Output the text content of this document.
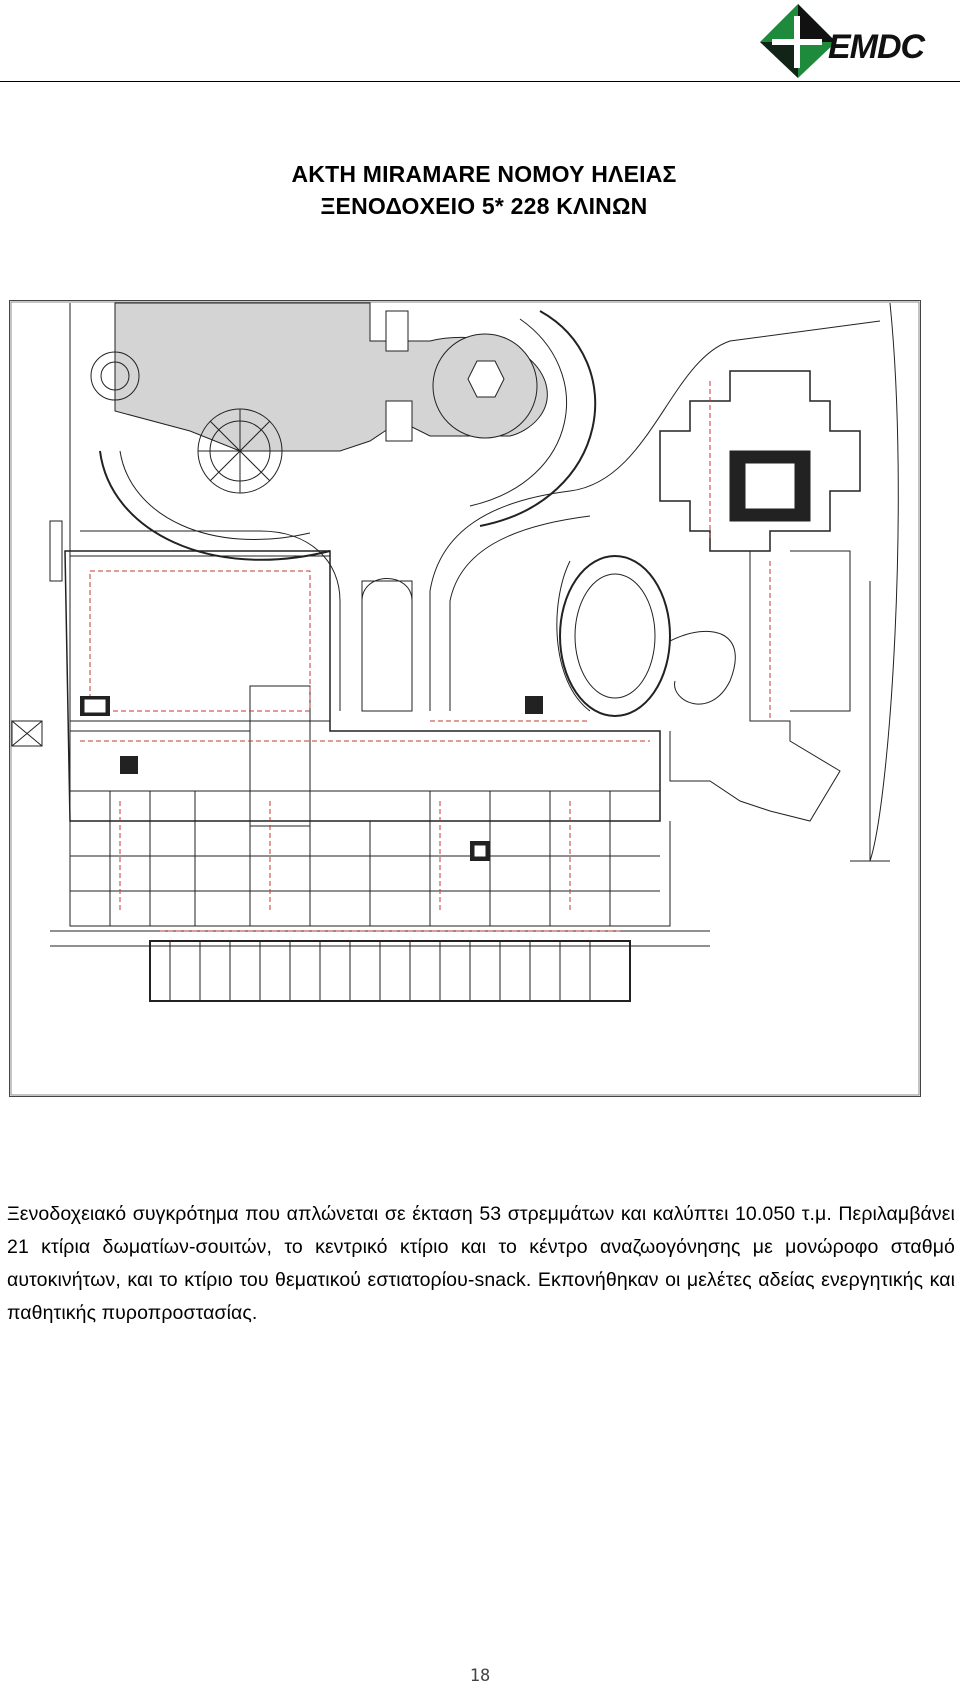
EMDC
ΑΚΤΗ MIRAMARE ΝΟΜΟΥ ΗΛΕΙΑΣ
ΞΕΝΟΔΟΧΕΙΟ 5* 228 ΚΛΙΝΩΝ
Ξενοδοχειακό συγκρότημα που απλώνεται σε έκταση 53 στρεμμάτων και καλύπτει 10.050 τ.μ. Περιλαμβάνει 21 κτίρια δωματίων-σουιτών, το κεντρικό κτίριο και το κέντρο αναζωογόνησης με μονώροφο σταθμό αυτοκινήτων, και το κτίριο του θεματικού εστιατορίου-snack. Εκπονήθηκαν οι μελέτες αδείας ενεργητικής και παθητικής πυροπροστασίας.
18
